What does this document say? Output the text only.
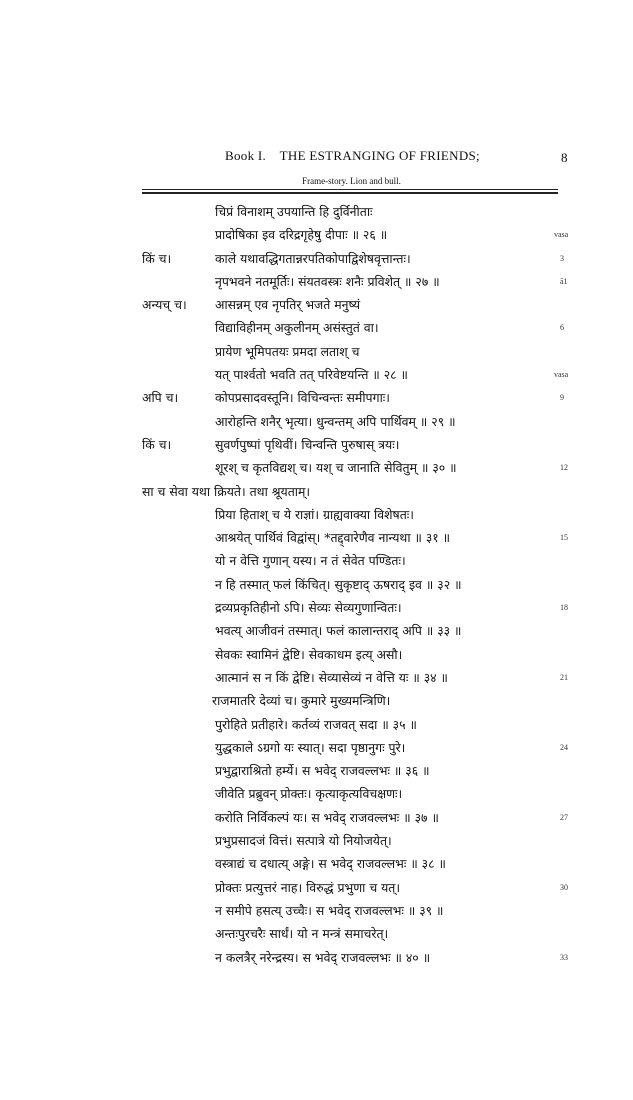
Book I. THE ESTRANGING OF FRIENDS;	8
Frame-story. Lion and bull.
चिप्रं विनाशम् उपयान्ति हि दुर्विनीताः
प्रादोषिका इव दरिद्रगृहेषु दीपाः ॥ २६ ॥	vasa
किं च।	काले यथावद्धिगतान्नरपतिकोपाद्विशेषवृत्तान्तः।	3
नृपभवने नतमूर्तिः। संयतवस्त्रः शनैः प्रविशेत् ॥ २७ ॥	ā1
अन्यच् च। आसन्नम् एव नृपतिर् भजते मनुष्यं
विद्याविहीनम् अकुलीनम् असंस्तुतं वा।	6
प्रायेण भूमिपतयः प्रमदा लताश् च
यत् पार्श्वतो भवति तत् परिवेष्टयन्ति ॥ २८ ॥	vasa
अपि च।	कोपप्रसादवस्तूनि। विचिन्वन्तः समीपगाः।	9
आरोहन्ति शनैर् भृत्या। धुन्वन्तम् अपि पार्थिवम् ॥ २९ ॥
किं च।	सुवर्णपुष्पां पृथिवीं। चिन्वन्ति पुरुषास् त्रयः।
शूरश् च कृतविद्यश् च। यश् च जानाति सेवितुम् ॥ ३० ॥	12
सा च सेवा यथा क्रियते। तथा श्रूयताम्।
प्रिया हिताश् च ये राज्ञां। ग्राह्यवाक्या विशेषतः।
आश्रयेत् पार्थिवं विद्वांस्। *तद्द्वारेणैव नान्यथा ॥ ३१ ॥	15
यो न वेत्ति गुणान् यस्य। न तं सेवेत पण्डितः।
न हि तस्मात् फलं किंचित्। सुकृष्टाद् ऊषराद् इव ॥ ३२ ॥
द्रव्यप्रकृतिहीनो ऽपि। सेव्यः सेव्यगुणान्वितः।	18
भवत्य् आजीवनं तस्मात्। फलं कालान्तराद् अपि ॥ ३३ ॥
सेवकः स्वामिनं द्वेष्टि। सेवकाधम इत्य् असौ।
आत्मानं स न किं द्वेष्टि। सेव्यासेव्यं न वेत्ति यः ॥ ३४ ॥	21
राजमातरि देव्यां च। कुमारे मुख्यमन्त्रिणि।
पुरोहिते प्रतीहारे। कर्तव्यं राजवत् सदा ॥ ३५ ॥
युद्धकाले ऽग्रगो यः स्यात्। सदा पृष्ठानुगः पुरे।	24
प्रभुद्वाराश्रितो हर्म्ये। स भवेद् राजवल्लभः ॥ ३६ ॥
जीवेति प्रब्रुवन् प्रोक्तः। कृत्याकृत्यविचक्षणः।
करोति निर्विकल्पं यः। स भवेद् राजवल्लभः ॥ ३७ ॥	27
प्रभुप्रसादजं वित्तं। सत्पात्रे यो नियोजयेत्।
वस्त्राद्यं च दधात्य् अङ्गे। स भवेद् राजवल्लभः ॥ ३८ ॥
प्रोक्तः प्रत्युत्तरं नाह। विरुद्धं प्रभुणा च यत्।	30
न समीपे हसत्य् उच्चैः। स भवेद् राजवल्लभः ॥ ३९ ॥
अन्तःपुरचरैः सार्धं। यो न मन्त्रं समाचरेत्।
न कलत्रैर् नरेन्द्रस्य। स भवेद् राजवल्लभः ॥ ४० ॥	33
